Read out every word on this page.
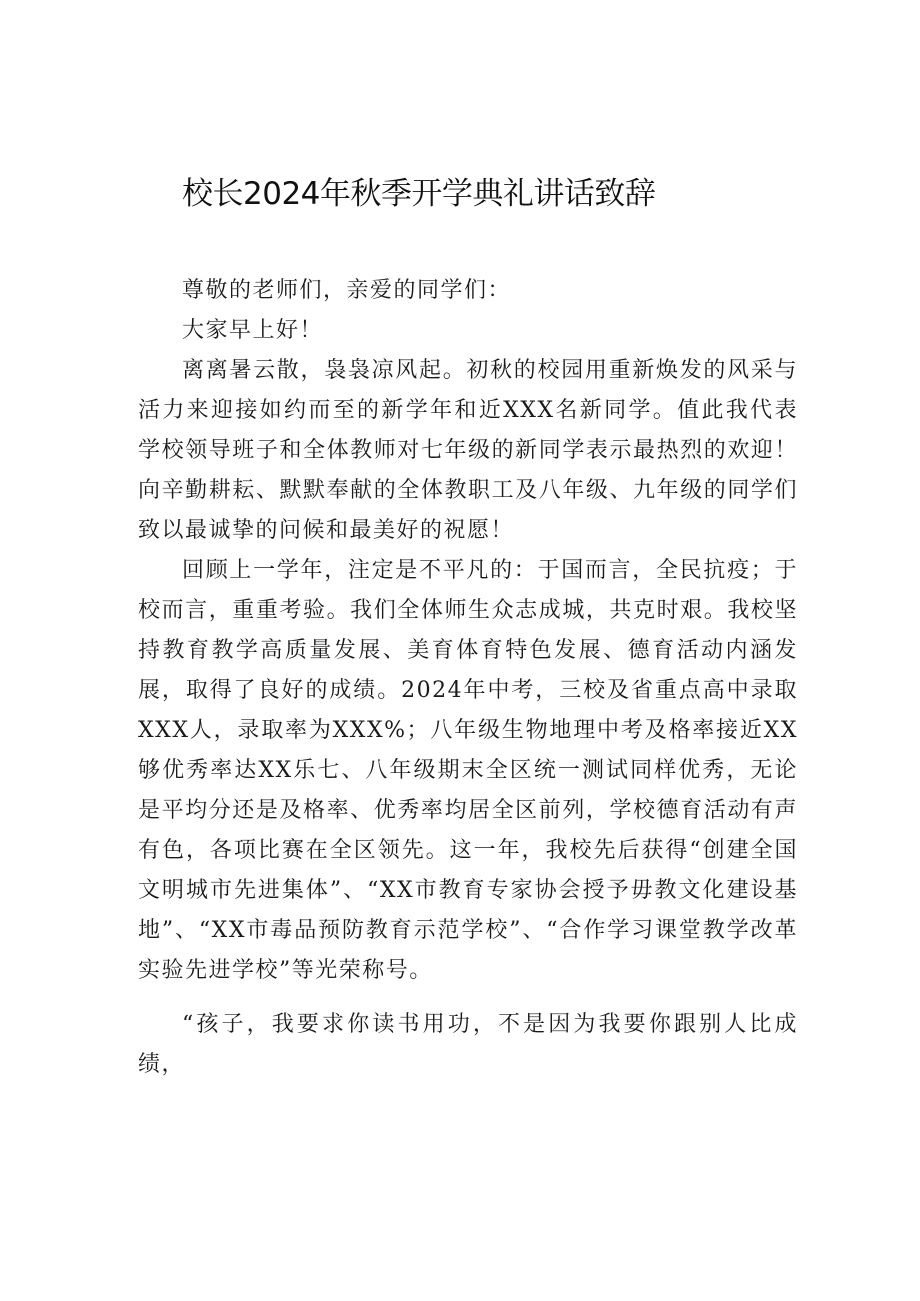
校长2024年秋季开学典礼讲话致辞

尊敬的老师们，亲爱的同学们：

大家早上好！

离离暑云散，袅袅凉风起。初秋的校园用重新焕发的风采与活力来迎接如约而至的新学年和近XXX名新同学。值此我代表学校领导班子和全体教师对七年级的新同学表示最热烈的欢迎！向辛勤耕耘、默默奉献的全体教职工及八年级、九年级的同学们致以最诚挚的问候和最美好的祝愿！

回顾上一学年，注定是不平凡的：于国而言，全民抗疫；于校而言，重重考验。我们全体师生众志成城，共克时艰。我校坚持教育教学高质量发展、美育体育特色发展、德育活动内涵发展，取得了良好的成绩。2024年中考，三校及省重点高中录取XXX人，录取率为XXX%；八年级生物地理中考及格率接近XX够优秀率达XX乐七、八年级期末全区统一测试同样优秀，无论是平均分还是及格率、优秀率均居全区前列，学校德育活动有声有色，各项比赛在全区领先。这一年，我校先后获得“创建全国文明城市先进集体”、“XX市教育专家协会授予毋教文化建设基地”、“XX市毒品预防教育示范学校”、“合作学习课堂教学改革实验先进学校”等光荣称号。

“孩子，我要求你读书用功，不是因为我要你跟别人比成绩，
